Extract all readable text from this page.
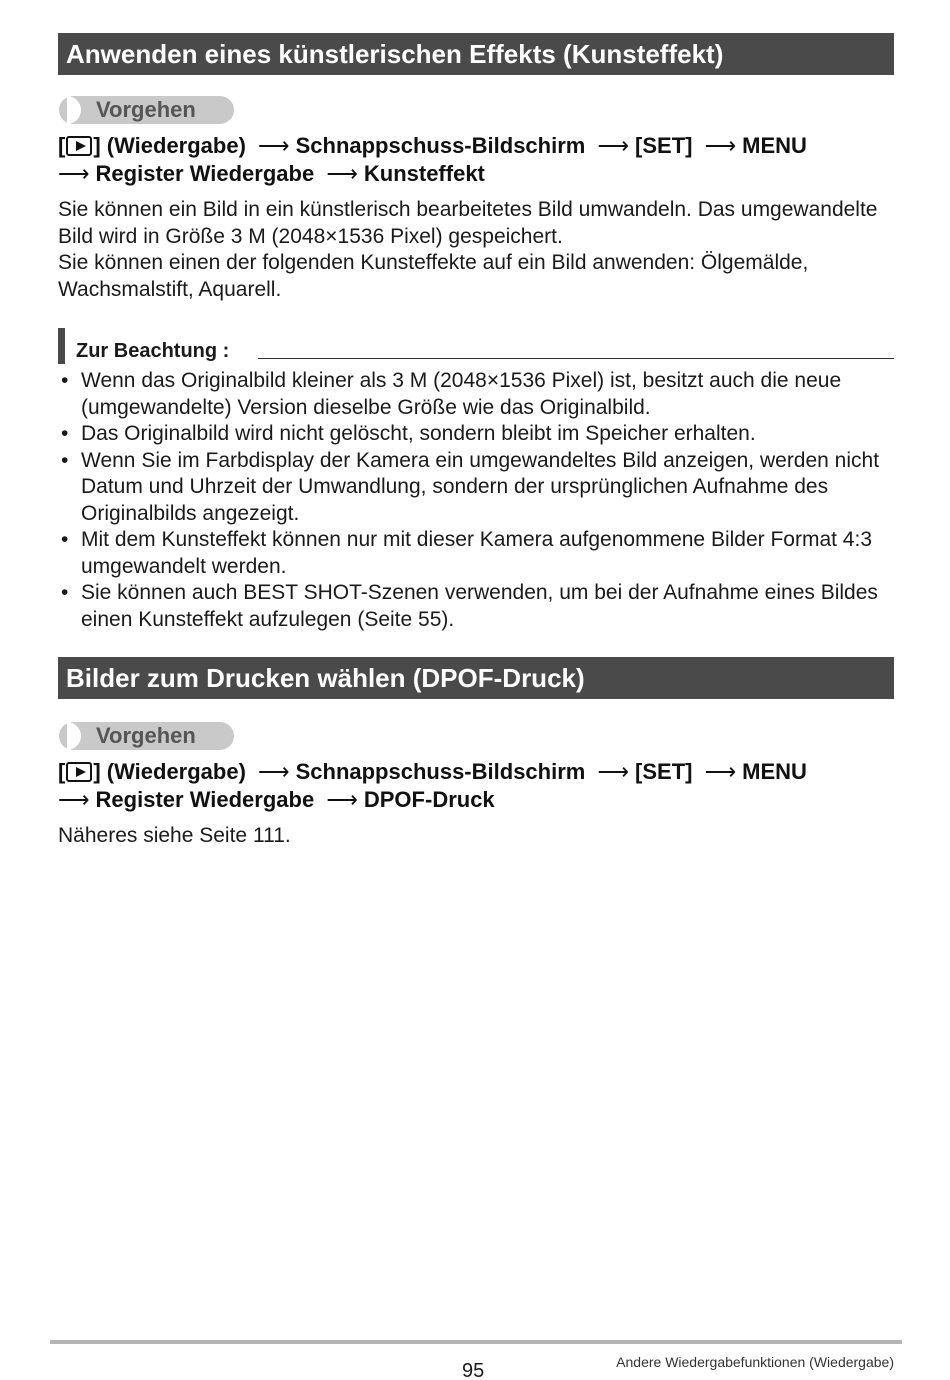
Anwenden eines künstlerischen Effekts (Kunsteffekt)
Vorgehen
[ ] (Wiedergabe) ⟶ Schnappschuss-Bildschirm ⟶ [SET] ⟶ MENU
⟶ Register Wiedergabe ⟶ Kunsteffekt
Sie können ein Bild in ein künstlerisch bearbeitetes Bild umwandeln. Das umgewandelte Bild wird in Größe 3 M (2048×1536 Pixel) gespeichert.
Sie können einen der folgenden Kunsteffekte auf ein Bild anwenden: Ölgemälde, Wachsmalstift, Aquarell.
Zur Beachtung :
• Wenn das Originalbild kleiner als 3 M (2048×1536 Pixel) ist, besitzt auch die neue (umgewandelte) Version dieselbe Größe wie das Originalbild.
• Das Originalbild wird nicht gelöscht, sondern bleibt im Speicher erhalten.
• Wenn Sie im Farbdisplay der Kamera ein umgewandeltes Bild anzeigen, werden nicht Datum und Uhrzeit der Umwandlung, sondern der ursprünglichen Aufnahme des Originalbilds angezeigt.
• Mit dem Kunsteffekt können nur mit dieser Kamera aufgenommene Bilder Format 4:3 umgewandelt werden.
• Sie können auch BEST SHOT-Szenen verwenden, um bei der Aufnahme eines Bildes einen Kunsteffekt aufzulegen (Seite 55).
Bilder zum Drucken wählen (DPOF-Druck)
Vorgehen
[ ] (Wiedergabe) ⟶ Schnappschuss-Bildschirm ⟶ [SET] ⟶ MENU
⟶ Register Wiedergabe ⟶ DPOF-Druck
Näheres siehe Seite 111.
95	Andere Wiedergabefunktionen (Wiedergabe)
